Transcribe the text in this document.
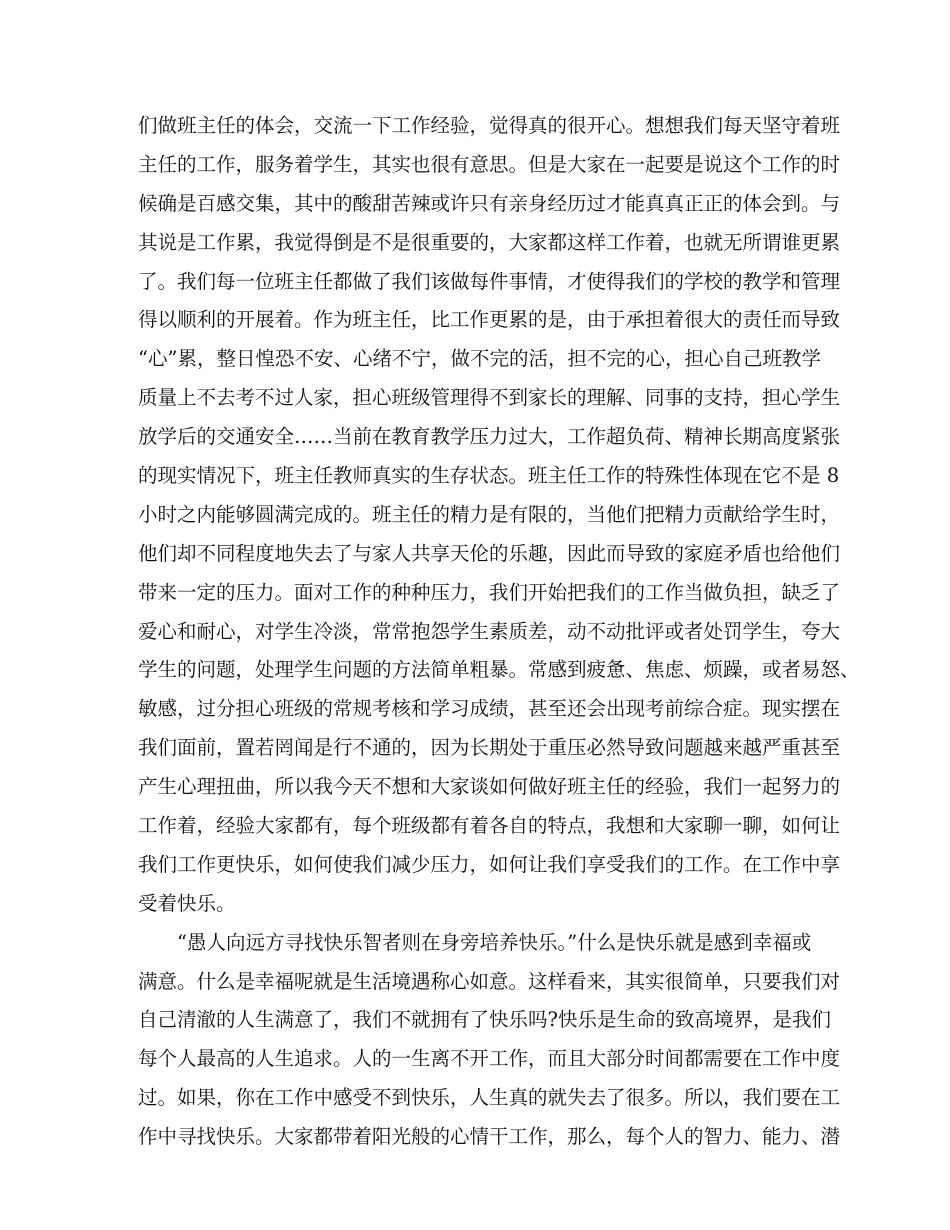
们做班主任的体会，交流一下工作经验，觉得真的很开心。想想我们每天坚守着班
主任的工作，服务着学生，其实也很有意思。但是大家在一起要是说这个工作的时
候确是百感交集，其中的酸甜苦辣或许只有亲身经历过才能真真正正的体会到。与
其说是工作累，我觉得倒是不是很重要的，大家都这样工作着，也就无所谓谁更累
了。我们每一位班主任都做了我们该做每件事情，才使得我们的学校的教学和管理
得以顺利的开展着。作为班主任，比工作更累的是，由于承担着很大的责任而导致
“心”累，整日惶恐不安、心绪不宁，做不完的活，担不完的心，担心自己班教学
质量上不去考不过人家，担心班级管理得不到家长的理解、同事的支持，担心学生
放学后的交通安全……当前在教育教学压力过大，工作超负荷、精神长期高度紧张
的现实情况下，班主任教师真实的生存状态。班主任工作的特殊性体现在它不是 8
小时之内能够圆满完成的。班主任的精力是有限的，当他们把精力贡献给学生时，
他们却不同程度地失去了与家人共享天伦的乐趣，因此而导致的家庭矛盾也给他们
带来一定的压力。面对工作的种种压力，我们开始把我们的工作当做负担，缺乏了
爱心和耐心，对学生冷淡，常常抱怨学生素质差，动不动批评或者处罚学生，夸大
学生的问题，处理学生问题的方法简单粗暴。常感到疲惫、焦虑、烦躁，或者易怒、
敏感，过分担心班级的常规考核和学习成绩，甚至还会出现考前综合症。现实摆在
我们面前，置若罔闻是行不通的，因为长期处于重压必然导致问题越来越严重甚至
产生心理扭曲，所以我今天不想和大家谈如何做好班主任的经验，我们一起努力的
工作着，经验大家都有，每个班级都有着各自的特点，我想和大家聊一聊，如何让
我们工作更快乐，如何使我们减少压力，如何让我们享受我们的工作。在工作中享
受着快乐。
“愚人向远方寻找快乐智者则在身旁培养快乐。”什么是快乐就是感到幸福或
满意。什么是幸福呢就是生活境遇称心如意。这样看来，其实很简单，只要我们对
自己清澈的人生满意了，我们不就拥有了快乐吗?快乐是生命的致高境界，是我们
每个人最高的人生追求。人的一生离不开工作，而且大部分时间都需要在工作中度
过。如果，你在工作中感受不到快乐，人生真的就失去了很多。所以，我们要在工
作中寻找快乐。大家都带着阳光般的心情干工作，那么，每个人的智力、能力、潜
